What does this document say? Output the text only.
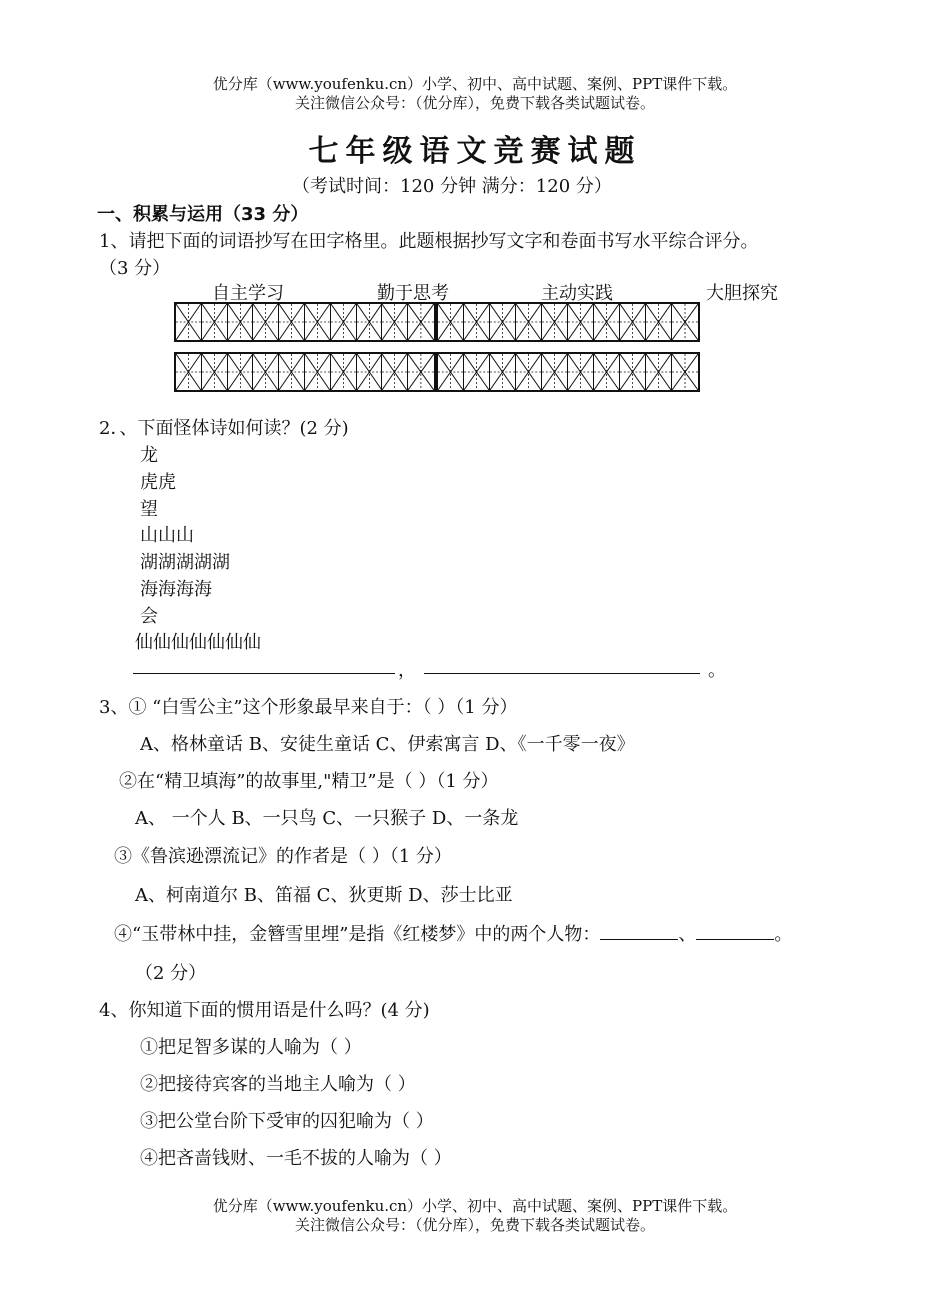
优分库（www.youfenku.cn）小学、初中、高中试题、案例、PPT课件下载。
关注微信公众号：（优分库），免费下载各类试题试卷。
七年级语文竞赛试题
（考试时间：120 分钟 满分：120 分）
一、积累与运用（33 分）
1、请把下面的词语抄写在田字格里。此题根据抄写文字和卷面书写水平综合评分。
（3 分）
自主学习	勤于思考	主动实践	大胆探究
2．、下面怪体诗如何读？(2 分)
龙
虎虎
望
山山山
湖湖湖湖湖
海海海海
会
仙仙仙仙仙仙仙
，	。
3、① “白雪公主”这个形象最早来自于：（ ）（1 分）
A、格林童话 B、安徒生童话 C、伊索寓言 D、《一千零一夜》
②在“精卫填海”的故事里,"精卫”是（ ）（1 分）
A、 一个人 B、一只鸟 C、一只猴子 D、一条龙
③《鲁滨逊漂流记》的作者是（ ）（1 分）
A、柯南道尔 B、笛福 C、狄更斯 D、莎士比亚
④“玉带林中挂，金簪雪里埋”是指《红楼梦》中的两个人物：	、	。
（2 分）
4、你知道下面的惯用语是什么吗？(4 分)
①把足智多谋的人喻为（ ）
②把接待宾客的当地主人喻为（ ）
③把公堂台阶下受审的囚犯喻为（ ）
④把吝啬钱财、一毛不拔的人喻为（ ）
优分库（www.youfenku.cn）小学、初中、高中试题、案例、PPT课件下载。
关注微信公众号：（优分库），免费下载各类试题试卷。
